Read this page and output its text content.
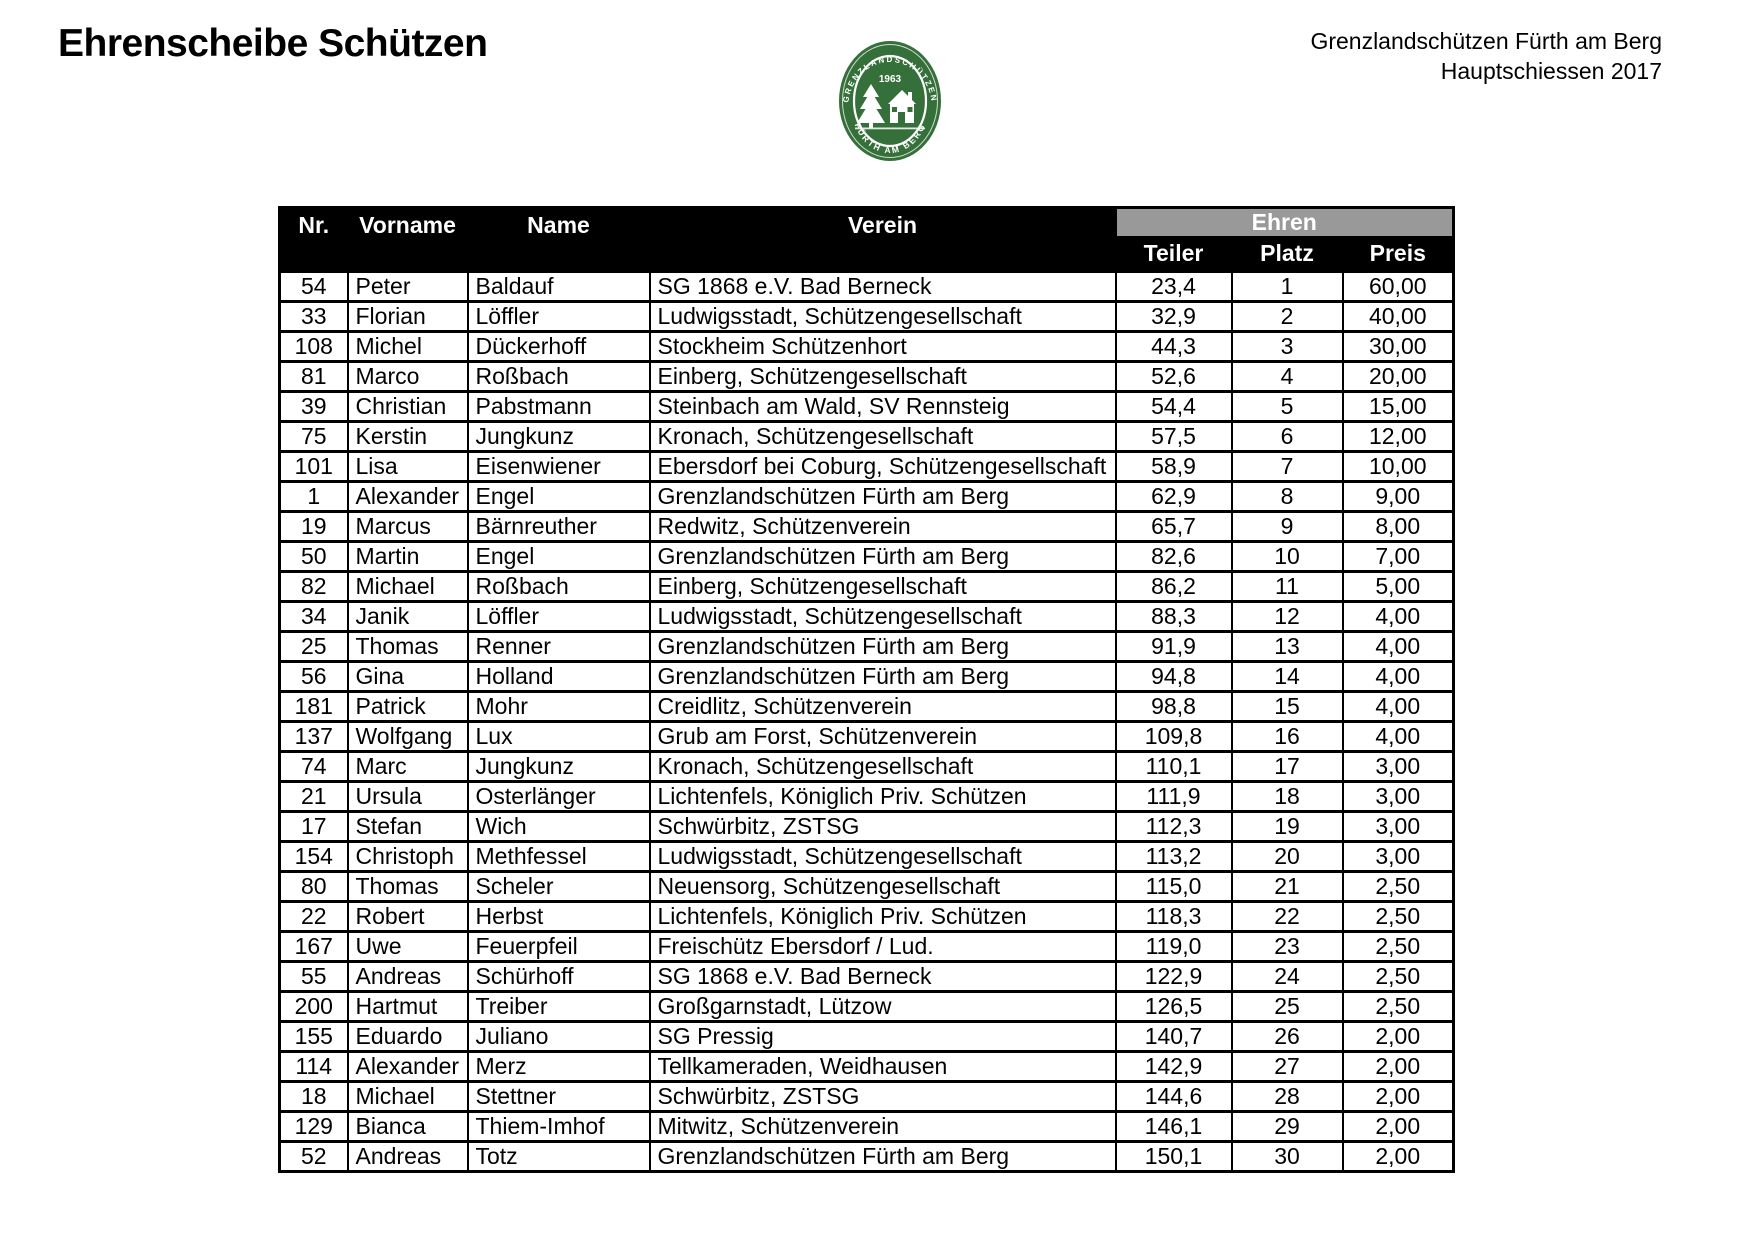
Ehrenscheibe Schützen	Grenzlandschützen Fürth am Berg
Hauptschiessen 2017
GRENZLANDSCHÜTZEN
1963
FÜRTH AM BERG
Nr.	Vorname	Name	Verein	Ehren		
				Teiler	Platz	Preis
54	Peter	Baldauf	SG 1868 e.V. Bad Berneck	23,4	1	60,00
33	Florian	Löffler	Ludwigsstadt, Schützengesellschaft	32,9	2	40,00
108	Michel	Dückerhoff	Stockheim Schützenhort	44,3	3	30,00
81	Marco	Roßbach	Einberg, Schützengesellschaft	52,6	4	20,00
39	Christian	Pabstmann	Steinbach am Wald, SV Rennsteig	54,4	5	15,00
75	Kerstin	Jungkunz	Kronach, Schützengesellschaft	57,5	6	12,00
101	Lisa	Eisenwiener	Ebersdorf bei Coburg, Schützengesellschaft	58,9	7	10,00
1	Alexander	Engel	Grenzlandschützen Fürth am Berg	62,9	8	9,00
19	Marcus	Bärnreuther	Redwitz, Schützenverein	65,7	9	8,00
50	Martin	Engel	Grenzlandschützen Fürth am Berg	82,6	10	7,00
82	Michael	Roßbach	Einberg, Schützengesellschaft	86,2	11	5,00
34	Janik	Löffler	Ludwigsstadt, Schützengesellschaft	88,3	12	4,00
25	Thomas	Renner	Grenzlandschützen Fürth am Berg	91,9	13	4,00
56	Gina	Holland	Grenzlandschützen Fürth am Berg	94,8	14	4,00
181	Patrick	Mohr	Creidlitz, Schützenverein	98,8	15	4,00
137	Wolfgang	Lux	Grub am Forst, Schützenverein	109,8	16	4,00
74	Marc	Jungkunz	Kronach, Schützengesellschaft	110,1	17	3,00
21	Ursula	Osterlänger	Lichtenfels, Königlich Priv. Schützen	111,9	18	3,00
17	Stefan	Wich	Schwürbitz, ZSTSG	112,3	19	3,00
154	Christoph	Methfessel	Ludwigsstadt, Schützengesellschaft	113,2	20	3,00
80	Thomas	Scheler	Neuensorg, Schützengesellschaft	115,0	21	2,50
22	Robert	Herbst	Lichtenfels, Königlich Priv. Schützen	118,3	22	2,50
167	Uwe	Feuerpfeil	Freischütz Ebersdorf / Lud.	119,0	23	2,50
55	Andreas	Schürhoff	SG 1868 e.V. Bad Berneck	122,9	24	2,50
200	Hartmut	Treiber	Großgarnstadt, Lützow	126,5	25	2,50
155	Eduardo	Juliano	SG Pressig	140,7	26	2,00
114	Alexander	Merz	Tellkameraden, Weidhausen	142,9	27	2,00
18	Michael	Stettner	Schwürbitz, ZSTSG	144,6	28	2,00
129	Bianca	Thiem-Imhof	Mitwitz, Schützenverein	146,1	29	2,00
52	Andreas	Totz	Grenzlandschützen Fürth am Berg	150,1	30	2,00
